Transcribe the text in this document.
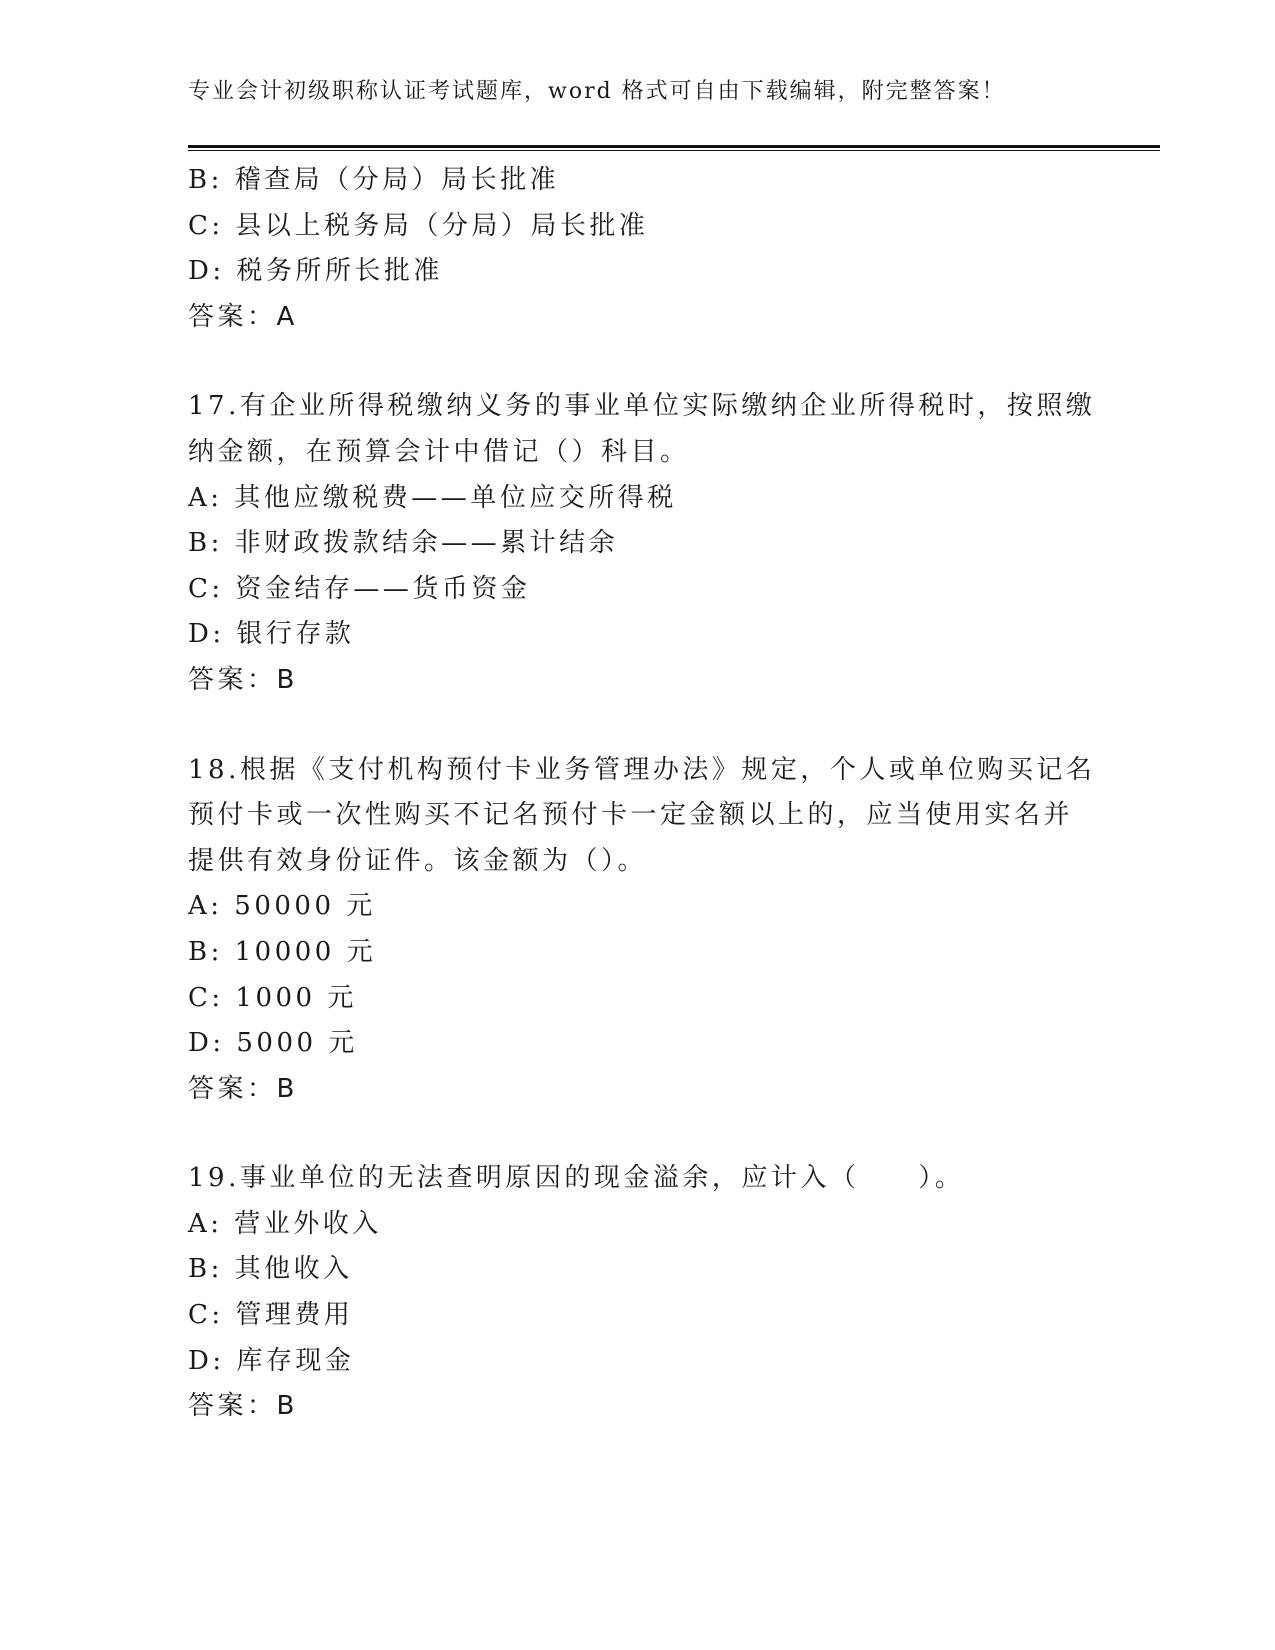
专业会计初级职称认证考试题库，word 格式可自由下载编辑，附完整答案！
B: 稽查局（分局）局长批准
C: 县以上税务局（分局）局长批准
D: 税务所所长批准
答案：A
17.有企业所得税缴纳义务的事业单位实际缴纳企业所得税时，按照缴
纳金额，在预算会计中借记（）科目。
A: 其他应缴税费——单位应交所得税
B: 非财政拨款结余——累计结余
C: 资金结存——货币资金
D: 银行存款
答案：B
18.根据《支付机构预付卡业务管理办法》规定，个人或单位购买记名
预付卡或一次性购买不记名预付卡一定金额以上的，应当使用实名并
提供有效身份证件。该金额为（）。
A: 50000 元
B: 10000 元
C: 1000 元
D: 5000 元
答案：B
19.事业单位的无法查明原因的现金溢余，应计入（　　）。
A: 营业外收入
B: 其他收入
C: 管理费用
D: 库存现金
答案：B
